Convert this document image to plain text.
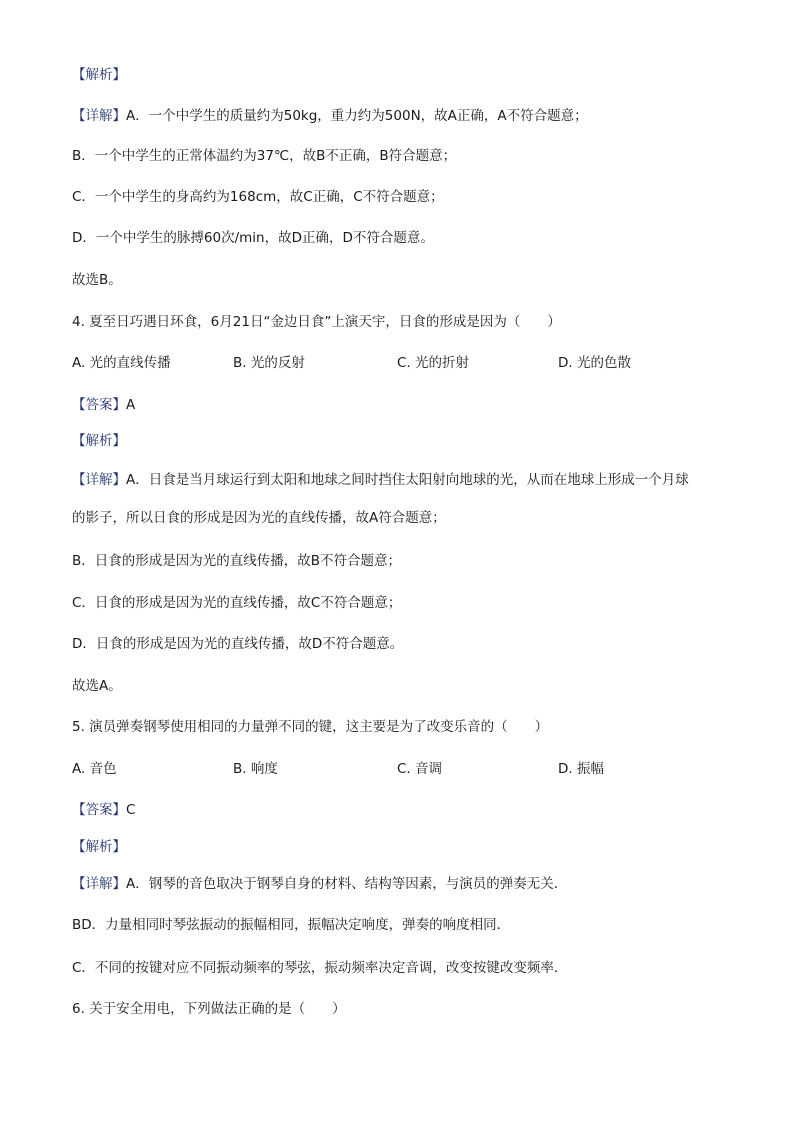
【解析】
【详解】A．一个中学生的质量约为50kg，重力约为500N，故A正确，A不符合题意；
B．一个中学生的正常体温约为37℃，故B不正确，B符合题意；
C．一个中学生的身高约为168cm，故C正确，C不符合题意；
D．一个中学生的脉搏60次/min，故D正确，D不符合题意。
故选B。
4. 夏至日巧遇日环食，6月21日“金边日食”上演天宇，日食的形成是因为（　　）
A. 光的直线传播	B. 光的反射	C. 光的折射	D. 光的色散
【答案】A
【解析】
【详解】A．日食是当月球运行到太阳和地球之间时挡住太阳射向地球的光，从而在地球上形成一个月球
的影子，所以日食的形成是因为光的直线传播，故A符合题意；
B．日食的形成是因为光的直线传播，故B不符合题意；
C．日食的形成是因为光的直线传播，故C不符合题意；
D．日食的形成是因为光的直线传播，故D不符合题意。
故选A。
5. 演员弹奏钢琴使用相同的力量弹不同的键，这主要是为了改变乐音的（　　）
A. 音色	B. 响度	C. 音调	D. 振幅
【答案】C
【解析】
【详解】A．钢琴的音色取决于钢琴自身的材料、结构等因素，与演员的弹奏无关．
BD．力量相同时琴弦振动的振幅相同，振幅决定响度，弹奏的响度相同．
C．不同的按键对应不同振动频率的琴弦，振动频率决定音调，改变按键改变频率．
6. 关于安全用电，下列做法正确的是（　　）
